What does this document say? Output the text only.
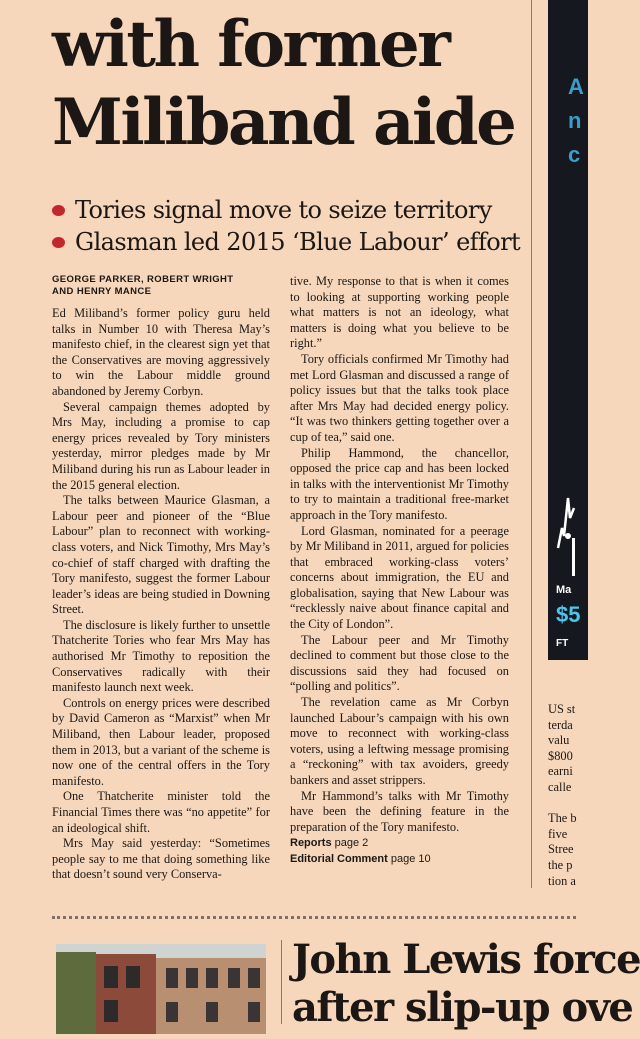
with former
Miliband aide
Tories signal move to seize territory
Glasman led 2015 ‘Blue Labour’ effort
GEORGE PARKER, ROBERT WRIGHT
AND HENRY MANCE

Ed Miliband’s former policy guru held talks in Number 10 with Theresa May’s manifesto chief, in the clearest sign yet that the Conservatives are moving aggressively to win the Labour middle ground abandoned by Jeremy Corbyn.

Several campaign themes adopted by Mrs May, including a promise to cap energy prices revealed by Tory ministers yesterday, mirror pledges made by Mr Miliband during his run as Labour leader in the 2015 general election.

The talks between Maurice Glasman, a Labour peer and pioneer of the “Blue Labour” plan to reconnect with working-class voters, and Nick Timothy, Mrs May’s co-chief of staff charged with drafting the Tory manifesto, suggest the former Labour leader’s ideas are being studied in Downing Street.

The disclosure is likely further to unsettle Thatcherite Tories who fear Mrs May has authorised Mr Timothy to reposition the Conservatives radically with their manifesto launch next week.

Controls on energy prices were described by David Cameron as “Marxist” when Mr Miliband, then Labour leader, proposed them in 2013, but a variant of the scheme is now one of the central offers in the Tory manifesto.

One Thatcherite minister told the Financial Times there was “no appetite” for an ideological shift.

Mrs May said yesterday: “Sometimes people say to me that doing something like that doesn’t sound very Conserva-

tive. My response to that is when it comes to looking at supporting working people what matters is not an ideology, what matters is doing what you believe to be right.”

Tory officials confirmed Mr Timothy had met Lord Glasman and discussed a range of policy issues but that the talks took place after Mrs May had decided energy policy. “It was two thinkers getting together over a cup of tea,” said one.

Philip Hammond, the chancellor, opposed the price cap and has been locked in talks with the interventionist Mr Timothy to try to maintain a traditional free-market approach in the Tory manifesto.

Lord Glasman, nominated for a peerage by Mr Miliband in 2011, argued for policies that embraced working-class voters’ concerns about immigration, the EU and globalisation, saying that New Labour was “recklessly naive about finance capital and the City of London”.

The Labour peer and Mr Timothy declined to comment but those close to the discussions said they had focused on “polling and politics”.

The revelation came as Mr Corbyn launched Labour’s campaign with his own move to reconnect with working-class voters, using a leftwing message promising a “reckoning” with tax avoiders, greedy bankers and asset strippers.

Mr Hammond’s talks with Mr Timothy have been the defining feature in the preparation of the Tory manifesto.

Reports page 2
Editorial Comment page 10
A
n
c
Ma
$5
FT
US st
terda
valu
$800
earni
calle
The b
five
Stree
the p
tion a
John Lewis force
after slip-up ove
